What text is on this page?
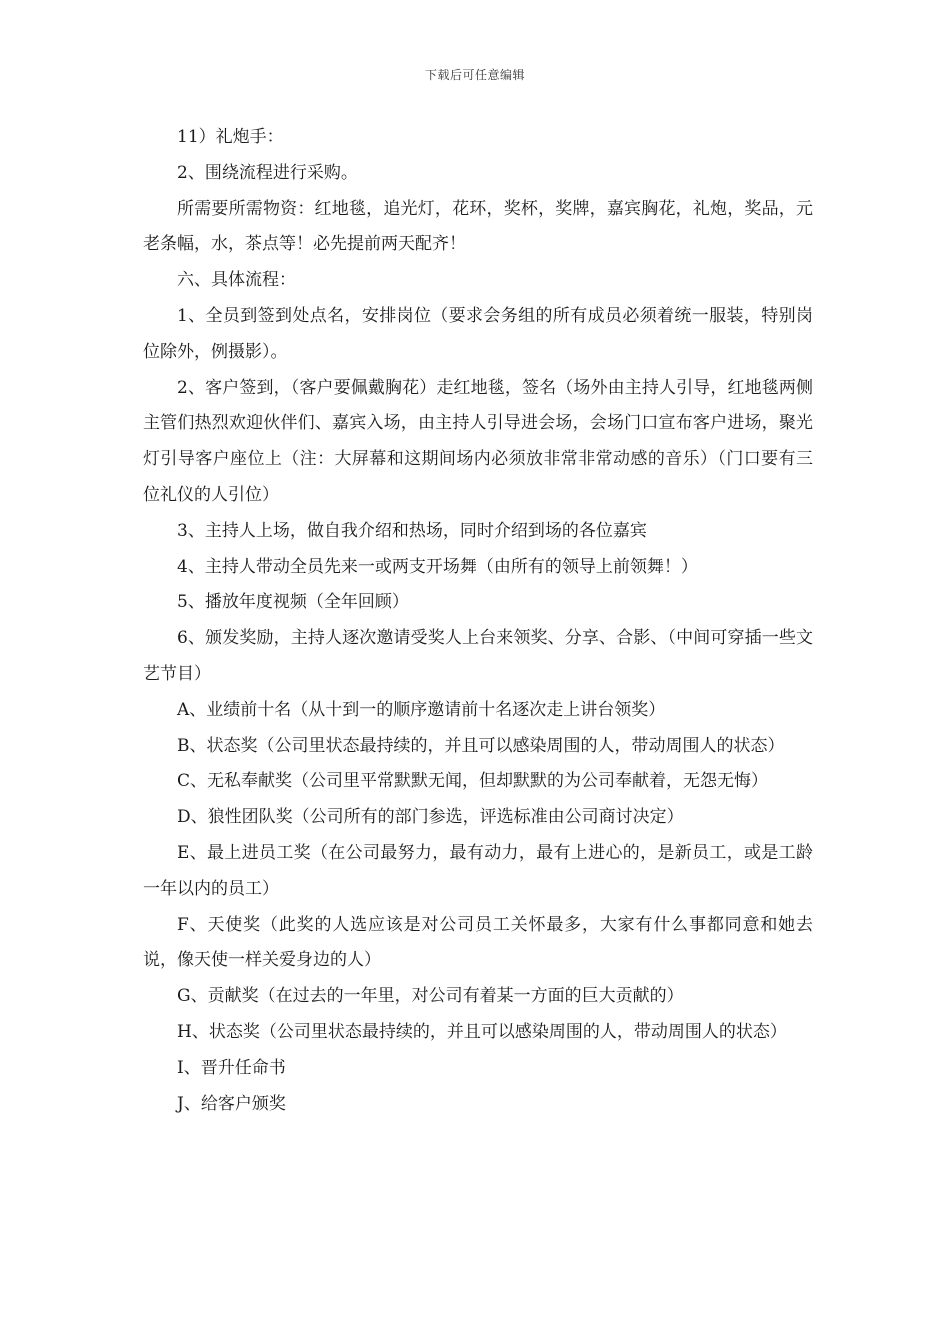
下载后可任意编辑

11）礼炮手：

2、围绕流程进行采购。

所需要所需物资：红地毯，追光灯，花环，奖杯，奖牌，嘉宾胸花，礼炮，奖品，元老条幅，水，茶点等！必先提前两天配齐！

六、具体流程：

1、全员到签到处点名，安排岗位（要求会务组的所有成员必须着统一服装，特别岗位除外，例摄影）。

2、客户签到，（客户要佩戴胸花）走红地毯，签名（场外由主持人引导，红地毯两侧主管们热烈欢迎伙伴们、嘉宾入场，由主持人引导进会场，会场门口宣布客户进场，聚光灯引导客户座位上（注：大屏幕和这期间场内必须放非常非常动感的音乐）（门口要有三位礼仪的人引位）

3、主持人上场，做自我介绍和热场，同时介绍到场的各位嘉宾

4、主持人带动全员先来一或两支开场舞（由所有的领导上前领舞！）

5、播放年度视频（全年回顾）

6、颁发奖励，主持人逐次邀请受奖人上台来领奖、分享、合影、（中间可穿插一些文艺节目）

A、业绩前十名（从十到一的顺序邀请前十名逐次走上讲台领奖）

B、状态奖（公司里状态最持续的，并且可以感染周围的人，带动周围人的状态）

C、无私奉献奖（公司里平常默默无闻，但却默默的为公司奉献着，无怨无悔）

D、狼性团队奖（公司所有的部门参选，评选标准由公司商讨决定）

E、最上进员工奖（在公司最努力，最有动力，最有上进心的，是新员工，或是工龄一年以内的员工）

F、天使奖（此奖的人选应该是对公司员工关怀最多，大家有什么事都同意和她去说，像天使一样关爱身边的人）

G、贡献奖（在过去的一年里，对公司有着某一方面的巨大贡献的）

H、状态奖（公司里状态最持续的，并且可以感染周围的人，带动周围人的状态）

I、晋升任命书

J、给客户颁奖
